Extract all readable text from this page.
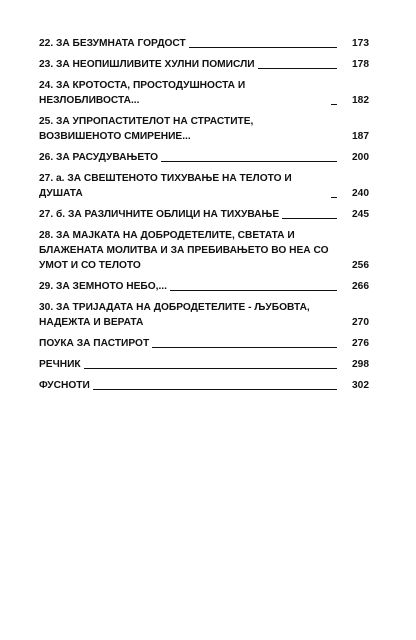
22. ЗА БЕЗУМНАТА ГОРДОСТ	173
23. ЗА НЕОПИШЛИВИТЕ ХУЛНИ ПОМИСЛИ	178
24. ЗА КРОТОСТА, ПРОСТОДУШНОСТА И НЕЗЛОБЛИВОСТА...	182
25. ЗА УПРОПАСТИТЕЛОТ НА СТРАСТИТЕ, ВОЗВИШЕНОТО СМИРЕНИЕ...	187
26. ЗА РАСУДУВАЊЕТО	200
27. а. ЗА СВЕШТЕНОТО ТИХУВАЊЕ НА ТЕЛОТО И ДУШАТА	240
27. б. ЗА РАЗЛИЧНИТЕ ОБЛИЦИ НА ТИХУВАЊЕ	245
28. ЗА МАЈКАТА НА ДОБРОДЕТЕЛИТЕ, СВЕТАТА И БЛАЖЕНАТА МОЛИТВА И ЗА ПРЕБИВАЊЕТО ВО НЕА СО УМОТ И СО ТЕЛОТО	256
29. ЗА ЗЕМНОТО НЕБО,...	266
30. ЗА ТРИЈАДАТА НА ДОБРОДЕТЕЛИТЕ - ЉУБОВТА, НАДЕЖТА И ВЕРАТА	270
ПОУКА ЗА ПАСТИРОТ	276
РЕЧНИК	298
ФУСНОТИ	302
